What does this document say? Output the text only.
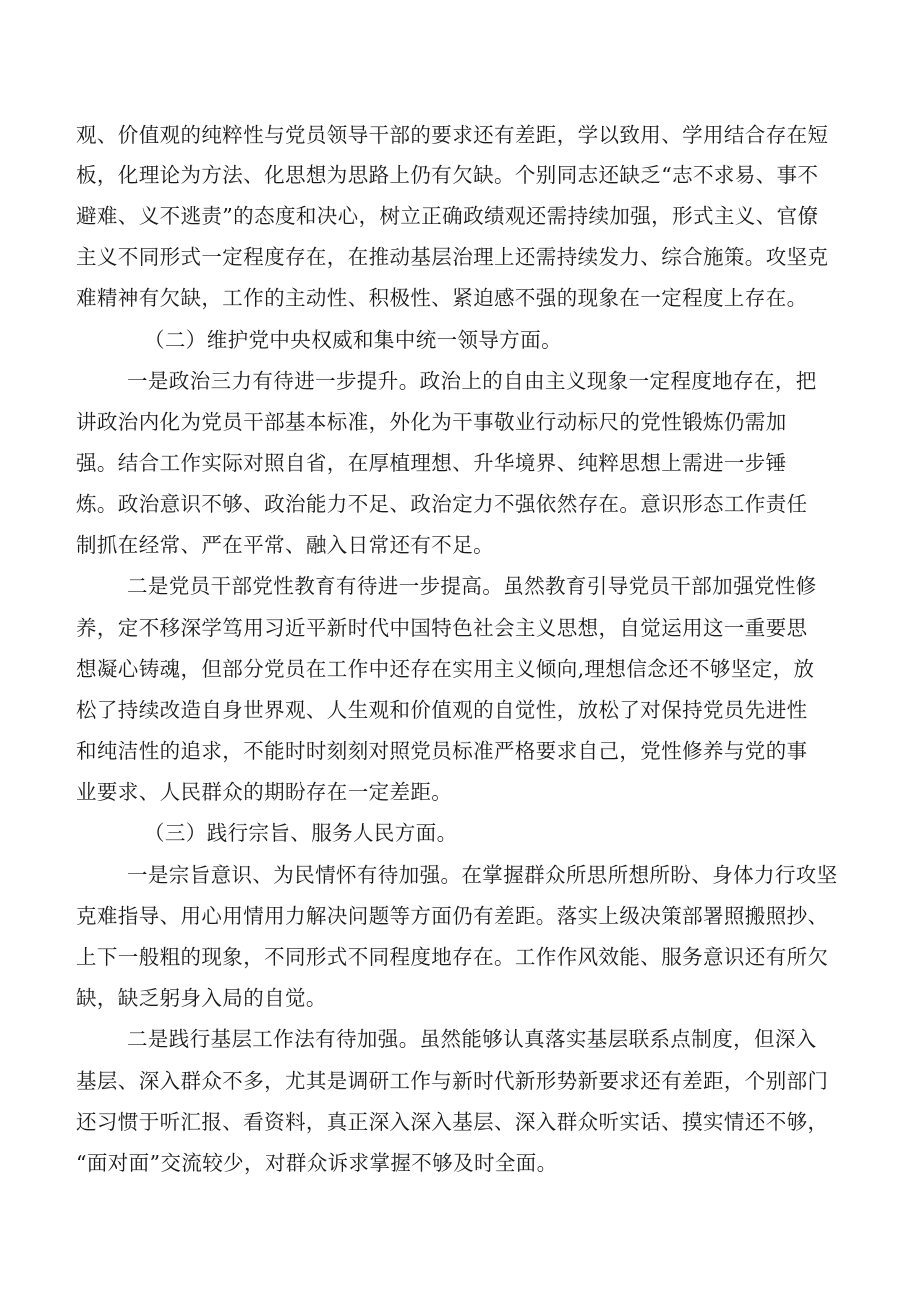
观、价值观的纯粹性与党员领导干部的要求还有差距，学以致用、学用结合存在短
板，化理论为方法、化思想为思路上仍有欠缺。个别同志还缺乏“志不求易、事不
避难、义不逃责”的态度和决心，树立正确政绩观还需持续加强，形式主义、官僚
主义不同形式一定程度存在，在推动基层治理上还需持续发力、综合施策。攻坚克
难精神有欠缺，工作的主动性、积极性、紧迫感不强的现象在一定程度上存在。
（二）维护党中央权威和集中统一领导方面。
一是政治三力有待进一步提升。政治上的自由主义现象一定程度地存在，把
讲政治内化为党员干部基本标准，外化为干事敬业行动标尺的党性锻炼仍需加
强。结合工作实际对照自省，在厚植理想、升华境界、纯粹思想上需进一步锤
炼。政治意识不够、政治能力不足、政治定力不强依然存在。意识形态工作责任
制抓在经常、严在平常、融入日常还有不足。
二是党员干部党性教育有待进一步提高。虽然教育引导党员干部加强党性修
养，定不移深学笃用习近平新时代中国特色社会主义思想，自觉运用这一重要思
想凝心铸魂，但部分党员在工作中还存在实用主义倾向,理想信念还不够坚定，放
松了持续改造自身世界观、人生观和价值观的自觉性，放松了对保持党员先进性
和纯洁性的追求，不能时时刻刻对照党员标准严格要求自己，党性修养与党的事
业要求、人民群众的期盼存在一定差距。
（三）践行宗旨、服务人民方面。
一是宗旨意识、为民情怀有待加强。在掌握群众所思所想所盼、身体力行攻坚
克难指导、用心用情用力解决问题等方面仍有差距。落实上级决策部署照搬照抄、
上下一般粗的现象，不同形式不同程度地存在。工作作风效能、服务意识还有所欠
缺，缺乏躬身入局的自觉。
二是践行基层工作法有待加强。虽然能够认真落实基层联系点制度，但深入
基层、深入群众不多，尤其是调研工作与新时代新形势新要求还有差距，个别部门
还习惯于听汇报、看资料，真正深入深入基层、深入群众听实话、摸实情还不够，
“面对面”交流较少，对群众诉求掌握不够及时全面。
